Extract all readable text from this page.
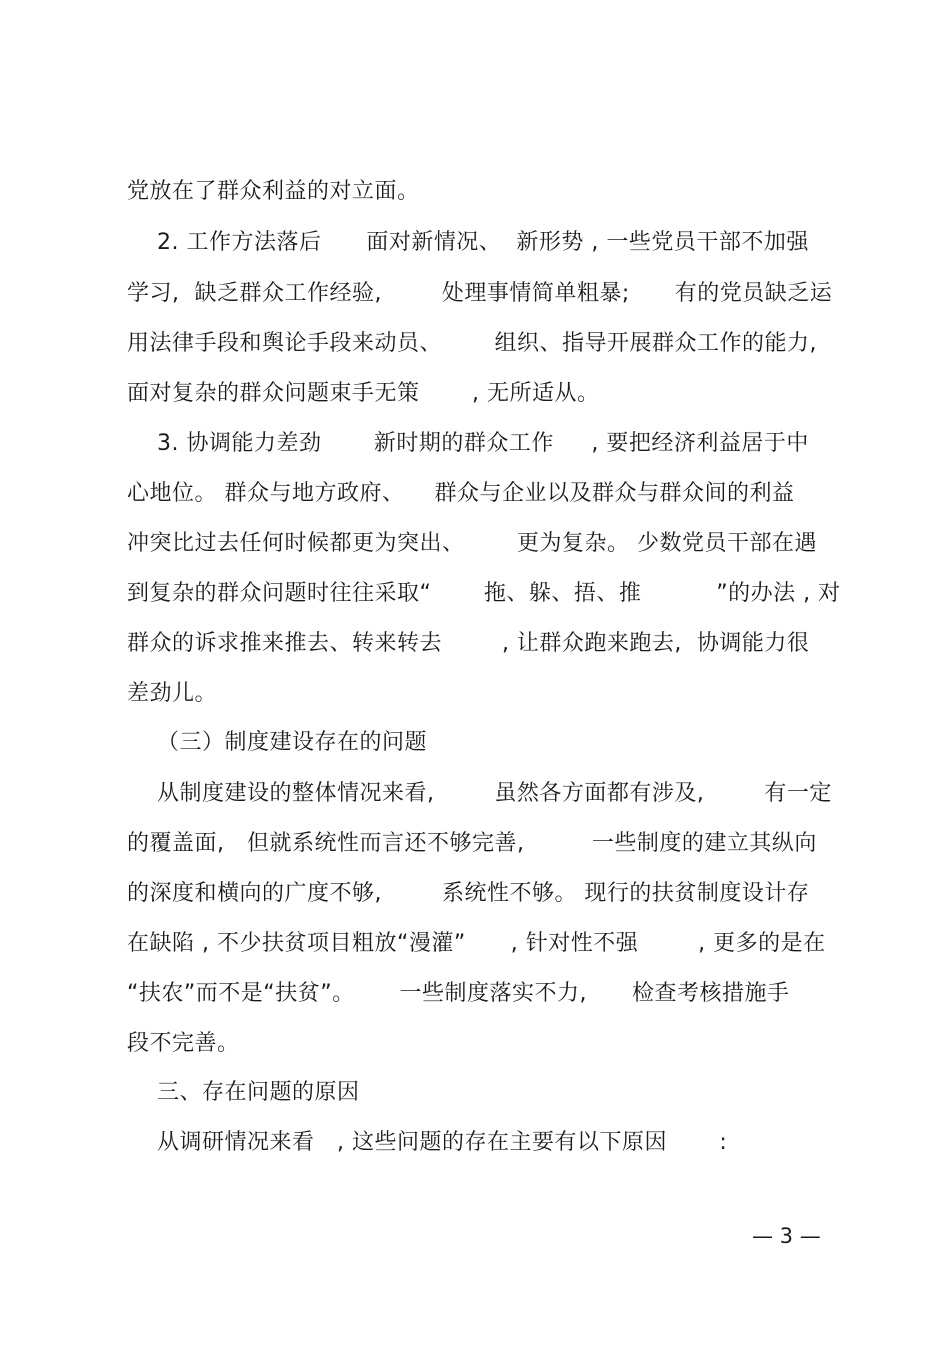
党放在了群众利益的对立面。
2. 工作方法落后      面对新情况、  新形势 , 一些党员干部不加强
学习,  缺乏群众工作经验,        处理事情简单粗暴;      有的党员缺乏运
用法律手段和舆论手段来动员、       组织、指导开展群众工作的能力,
面对复杂的群众问题束手无策       , 无所适从。
3. 协调能力差劲       新时期的群众工作     , 要把经济利益居于中
心地位。 群众与地方政府、    群众与企业以及群众与群众间的利益
冲突比过去任何时候都更为突出、       更为复杂。 少数党员干部在遇
到复杂的群众问题时往往采取“       拖、躲、捂、推          ”的办法 , 对
群众的诉求推来推去、转来转去        , 让群众跑来跑去,  协调能力很
差劲儿。
（三）制度建设存在的问题
从制度建设的整体情况来看,        虽然各方面都有涉及,        有一定
的覆盖面,   但就系统性而言还不够完善,         一些制度的建立其纵向
的深度和横向的广度不够,        系统性不够。 现行的扶贫制度设计存
在缺陷 , 不少扶贫项目粗放“漫灌”      , 针对性不强        , 更多的是在
“扶农”而不是“扶贫”。      一些制度落实不力,      检查考核措施手
段不完善。
三、存在问题的原因
从调研情况来看   , 这些问题的存在主要有以下原因       :
— 3 —
